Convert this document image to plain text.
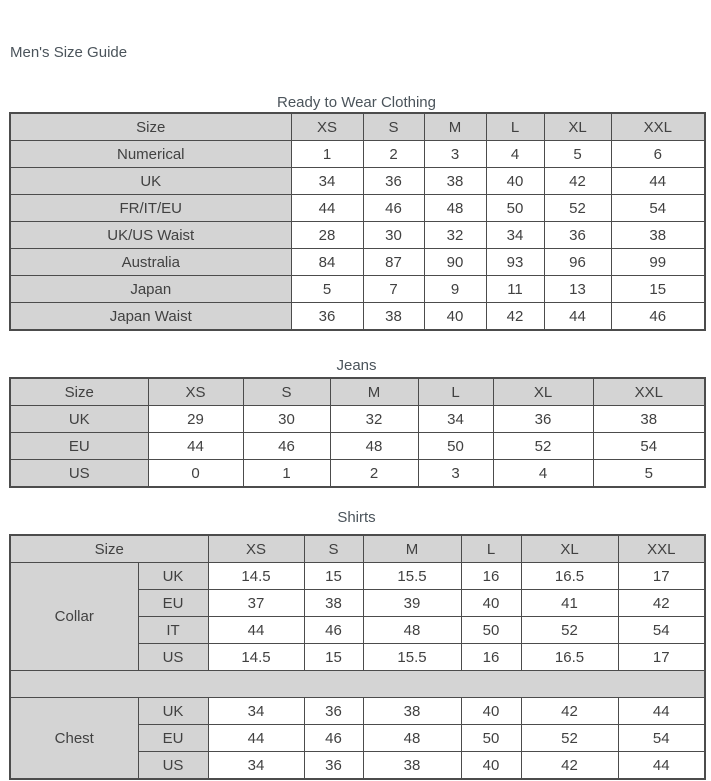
Men's Size Guide
Ready to Wear Clothing
Size	XS	S	M	L	XL	XXL
Numerical	1	2	3	4	5	6
UK	34	36	38	40	42	44
FR/IT/EU	44	46	48	50	52	54
UK/US Waist	28	30	32	34	36	38
Australia	84	87	90	93	96	99
Japan	5	7	9	11	13	15
Japan Waist	36	38	40	42	44	46
Jeans
Size	XS	S	M	L	XL	XXL
UK	29	30	32	34	36	38
EU	44	46	48	50	52	54
US	0	1	2	3	4	5
Shirts
Size		XS	S	M	L	XL	XXL
Collar	UK	14.5	15	15.5	16	16.5	17
	EU	37	38	39	40	41	42
	IT	44	46	48	50	52	54
	US	14.5	15	15.5	16	16.5	17

Chest	UK	34	36	38	40	42	44
	EU	44	46	48	50	52	54
	US	34	36	38	40	42	44
